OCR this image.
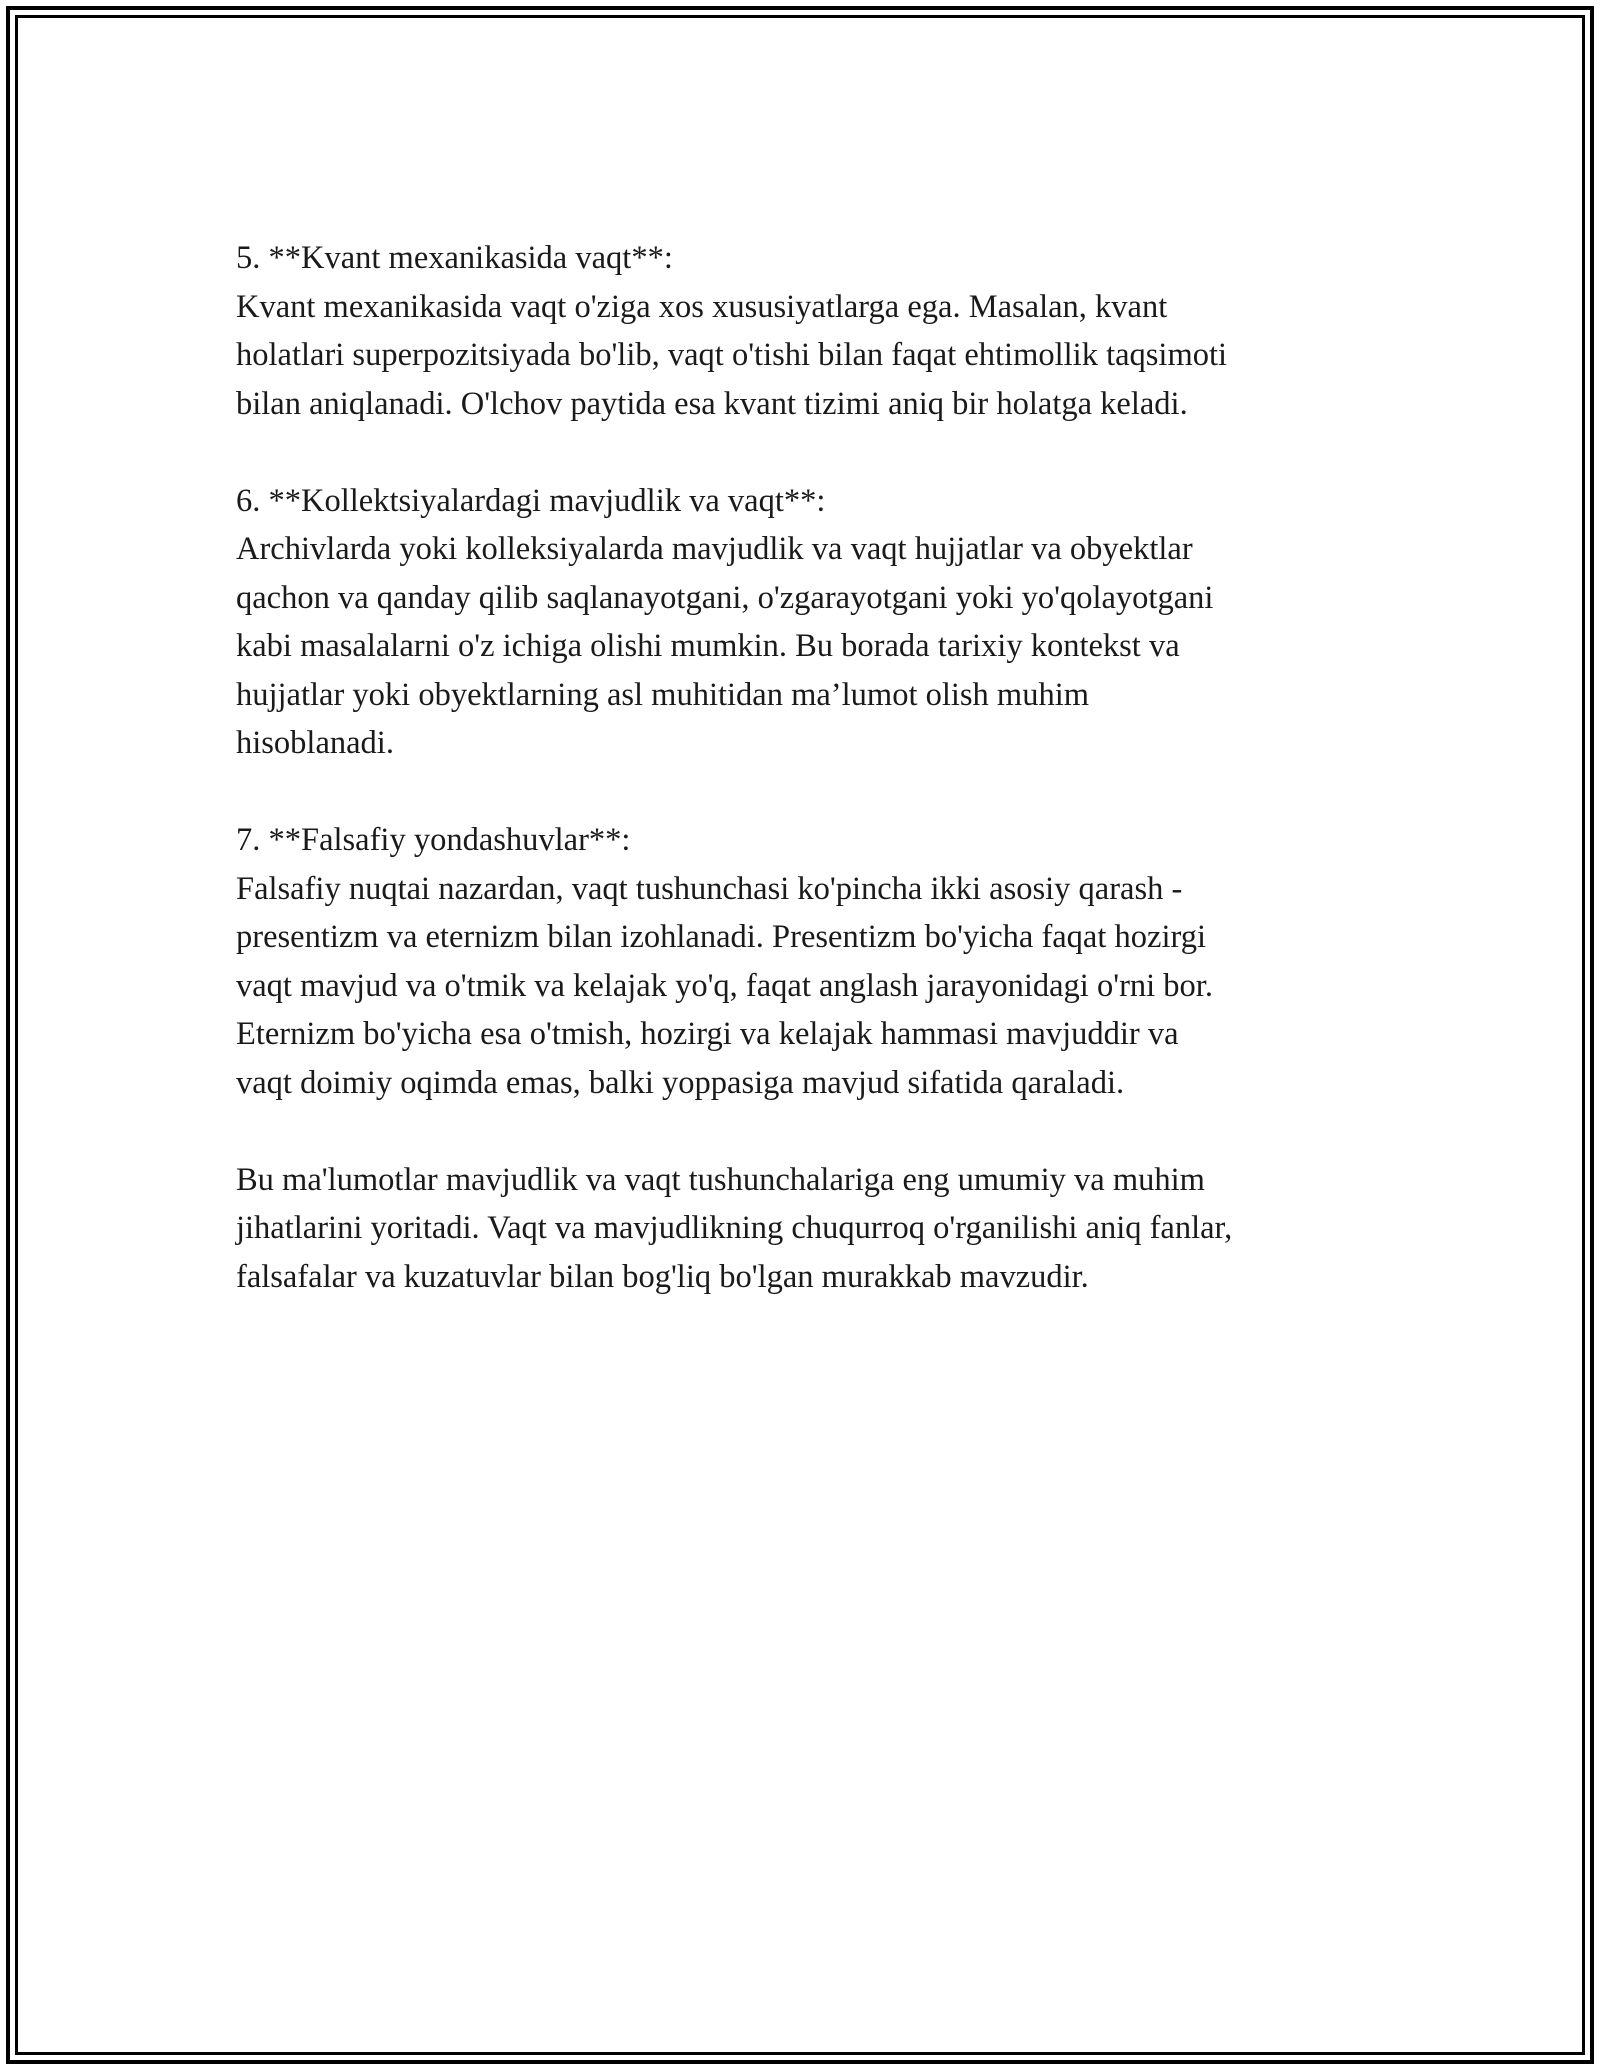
5. **Kvant mexanikasida vaqt**:
Kvant mexanikasida vaqt o'ziga xos xususiyatlarga ega. Masalan, kvant
holatlari superpozitsiyada bo'lib, vaqt o'tishi bilan faqat ehtimollik taqsimoti
bilan aniqlanadi. O'lchov paytida esa kvant tizimi aniq bir holatga keladi.
6. **Kollektsiyalardagi mavjudlik va vaqt**:
Archivlarda yoki kolleksiyalarda mavjudlik va vaqt hujjatlar va obyektlar
qachon va qanday qilib saqlanayotgani, o'zgarayotgani yoki yo'qolayotgani
kabi masalalarni o'z ichiga olishi mumkin. Bu borada tarixiy kontekst va
hujjatlar yoki obyektlarning asl muhitidan ma’lumot olish muhim
hisoblanadi.
7. **Falsafiy yondashuvlar**:
Falsafiy nuqtai nazardan, vaqt tushunchasi ko'pincha ikki asosiy qarash -
presentizm va eternizm bilan izohlanadi. Presentizm bo'yicha faqat hozirgi
vaqt mavjud va o'tmik va kelajak yo'q, faqat anglash jarayonidagi o'rni bor.
Eternizm bo'yicha esa o'tmish, hozirgi va kelajak hammasi mavjuddir va
vaqt doimiy oqimda emas, balki yoppasiga mavjud sifatida qaraladi.
Bu ma'lumotlar mavjudlik va vaqt tushunchalariga eng umumiy va muhim
jihatlarini yoritadi. Vaqt va mavjudlikning chuqurroq o'rganilishi aniq fanlar,
falsafalar va kuzatuvlar bilan bog'liq bo'lgan murakkab mavzudir.
